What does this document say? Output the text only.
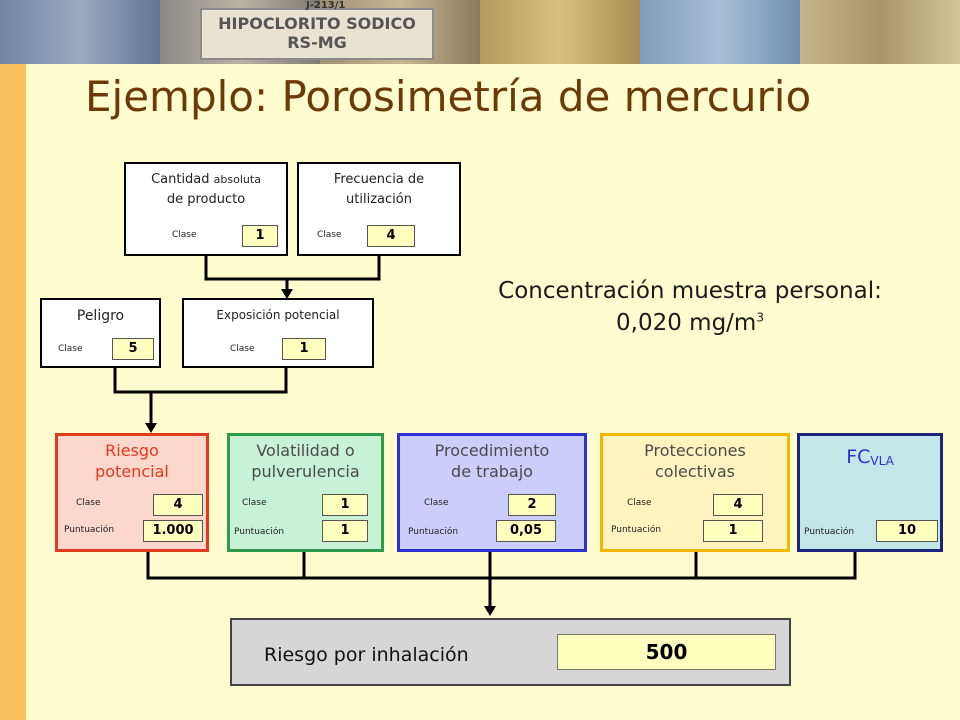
HIPOCLORITO SODICO
RS-MG
J-213/1
Ejemplo: Porosimetría de mercurio
Cantidad absoluta
de producto
Clase	1
Frecuencia de
utilización
Clase	4
Peligro
Clase	5
Exposición potencial
Clase	1
Concentración muestra personal:
0,020 $mg/m^3$
Riesgo
potencial
Clase	4
Puntuación	1.000
Volatilidad o
pulverulencia
Clase	1
Puntuación	1
Procedimiento
de trabajo
Clase	2
Puntuación	0,05
Protecciones
colectivas
Clase	4
Puntuación	1
FCVLA
Puntuación	10
Riesgo por inhalación	500
